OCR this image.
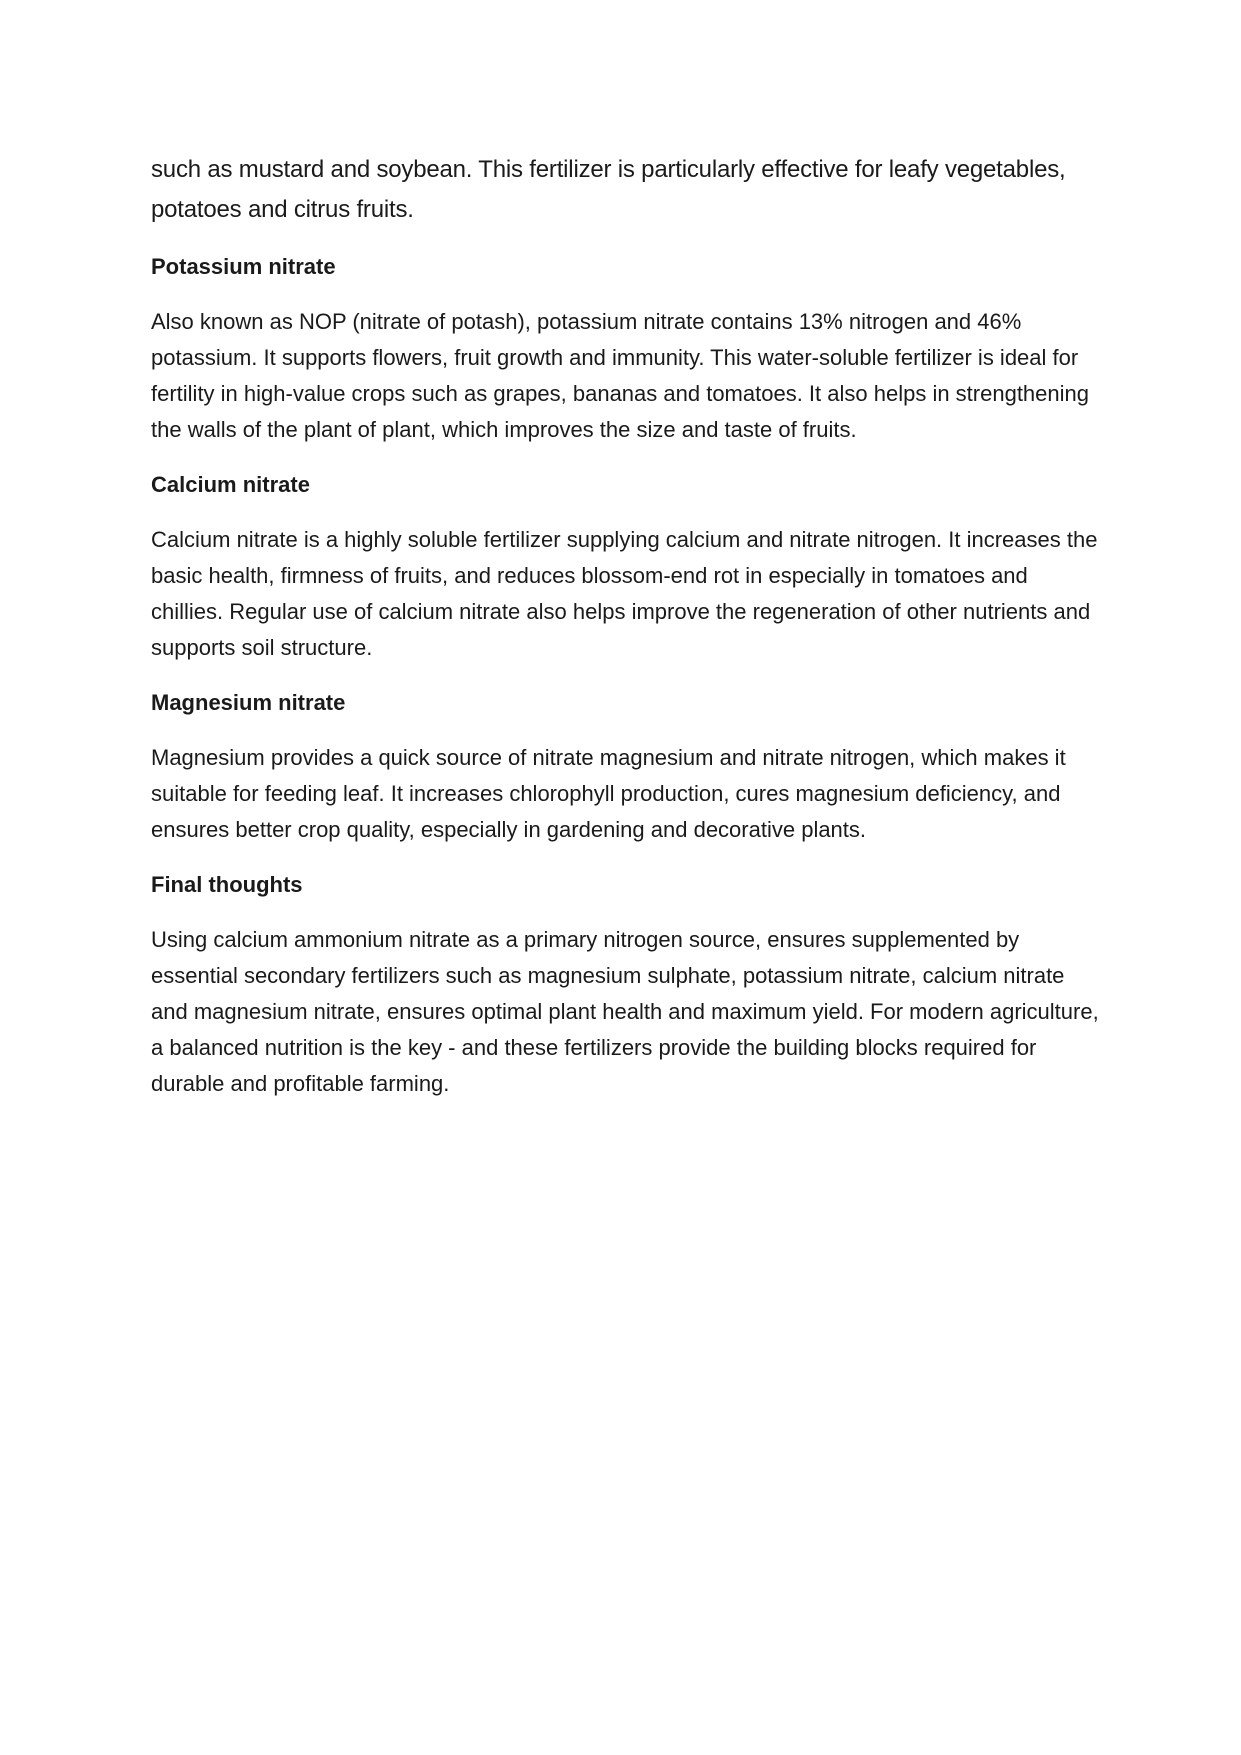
such as mustard and soybean. This fertilizer is particularly effective for leafy vegetables, potatoes and citrus fruits.

Potassium nitrate

Also known as NOP (nitrate of potash), potassium nitrate contains 13% nitrogen and 46% potassium. It supports flowers, fruit growth and immunity. This water-soluble fertilizer is ideal for fertility in high-value crops such as grapes, bananas and tomatoes. It also helps in strengthening the walls of the plant of plant, which improves the size and taste of fruits.

Calcium nitrate

Calcium nitrate is a highly soluble fertilizer supplying calcium and nitrate nitrogen. It increases the basic health, firmness of fruits, and reduces blossom-end rot in especially in tomatoes and chillies. Regular use of calcium nitrate also helps improve the regeneration of other nutrients and supports soil structure.

Magnesium nitrate

Magnesium provides a quick source of nitrate magnesium and nitrate nitrogen, which makes it suitable for feeding leaf. It increases chlorophyll production, cures magnesium deficiency, and ensures better crop quality, especially in gardening and decorative plants.

Final thoughts

Using calcium ammonium nitrate as a primary nitrogen source, ensures supplemented by essential secondary fertilizers such as magnesium sulphate, potassium nitrate, calcium nitrate and magnesium nitrate, ensures optimal plant health and maximum yield. For modern agriculture, a balanced nutrition is the key - and these fertilizers provide the building blocks required for durable and profitable farming.
